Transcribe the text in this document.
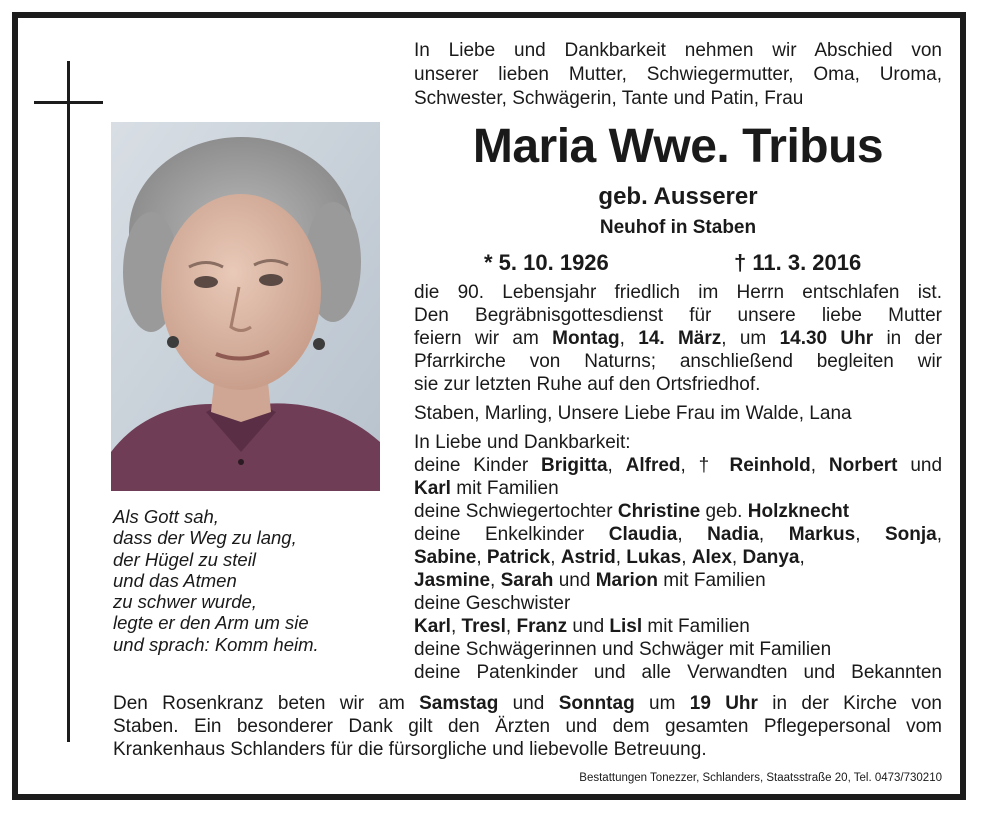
Als Gott sah,
dass der Weg zu lang,
der Hügel zu steil
und das Atmen
zu schwer wurde,
legte er den Arm um sie
und sprach: Komm heim.
In Liebe und Dankbarkeit nehmen wir Abschied von
unserer lieben Mutter, Schwiegermutter, Oma, Uroma,
Schwester, Schwägerin, Tante und Patin, Frau
Maria Wwe. Tribus
geb. Ausserer
Neuhof in Staben
* 5. 10. 1926	† 11. 3. 2016
die 90. Lebensjahr friedlich im Herrn entschlafen ist.
Den Begräbnisgottesdienst für unsere liebe Mutter
feiern wir am Montag, 14. März, um 14.30 Uhr in der
Pfarrkirche von Naturns; anschließend begleiten wir
sie zur letzten Ruhe auf den Ortsfriedhof.
Staben, Marling, Unsere Liebe Frau im Walde, Lana
In Liebe und Dankbarkeit:
deine Kinder Brigitta, Alfred, † Reinhold, Norbert und
Karl mit Familien
deine Schwiegertochter Christine geb. Holzknecht
deine Enkelkinder Claudia, Nadia, Markus, Sonja,
Sabine, Patrick, Astrid, Lukas, Alex, Danya,
Jasmine, Sarah und Marion mit Familien
deine Geschwister
Karl, Tresl, Franz und Lisl mit Familien
deine Schwägerinnen und Schwäger mit Familien
deine Patenkinder und alle Verwandten und Bekannten
Den Rosenkranz beten wir am Samstag und Sonntag um 19 Uhr in der Kirche von
Staben. Ein besonderer Dank gilt den Ärzten und dem gesamten Pflegepersonal vom
Krankenhaus Schlanders für die fürsorgliche und liebevolle Betreuung.
Bestattungen Tonezzer, Schlanders, Staatsstraße 20, Tel. 0473/730210
